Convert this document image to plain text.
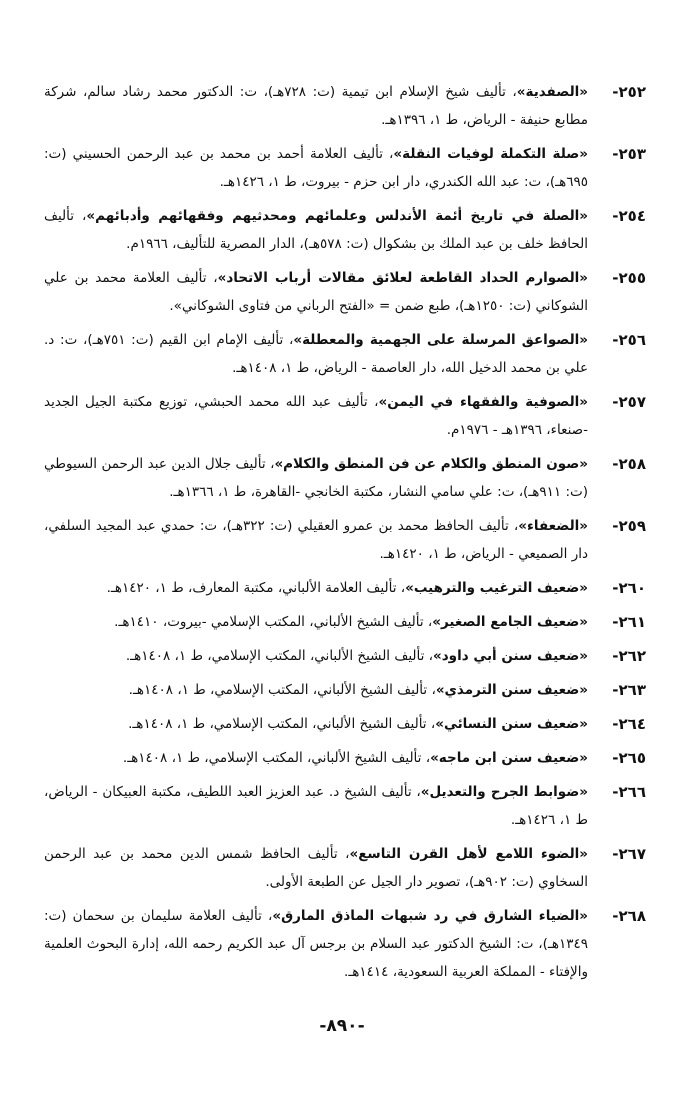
٢٥٢-
«الصفدية»، تأليف شيخ الإسلام ابن تيمية (ت: ٧٢٨هـ)، ت: الدكتور محمد رشاد سالم، شركة مطابع حنيفة - الرياض، ط ١، ١٣٩٦هـ.
٢٥٣-
«صلة التكملة لوفيات النقلة»، تأليف العلامة أحمد بن محمد بن عبد الرحمن الحسيني (ت: ٦٩٥هـ)، ت: عبد الله الكندري، دار ابن حزم - بيروت، ط ١، ١٤٢٦هـ.
٢٥٤-
«الصلة في تاريخ أئمة الأندلس وعلمائهم ومحدثيهم وفقهائهم وأدبائهم»، تأليف الحافظ خلف بن عبد الملك بن بشكوال (ت: ٥٧٨هـ)، الدار المصرية للتأليف، ١٩٦٦م.
٢٥٥-
«الصوارم الحداد القاطعة لعلائق مقالات أرباب الاتحاد»، تأليف العلامة محمد بن علي الشوكاني (ت: ١٢٥٠هـ)، طبع ضمن = «الفتح الرباني من فتاوى الشوكاني».
٢٥٦-
«الصواعق المرسلة على الجهمية والمعطلة»، تأليف الإمام ابن القيم (ت: ٧٥١هـ)، ت: د. علي بن محمد الدخيل الله، دار العاصمة - الرياض، ط ١، ١٤٠٨هـ.
٢٥٧-
«الصوفية والفقهاء في اليمن»، تأليف عبد الله محمد الحبشي، توزيع مكتبة الجيل الجديد -صنعاء، ١٣٩٦هـ - ١٩٧٦م.
٢٥٨-
«صون المنطق والكلام عن فن المنطق والكلام»، تأليف جلال الدين عبد الرحمن السيوطي (ت: ٩١١هـ)، ت: علي سامي النشار، مكتبة الخانجي -القاهرة، ط ١، ١٣٦٦هـ.
٢٥٩-
«الضعفاء»، تأليف الحافظ محمد بن عمرو العقيلي (ت: ٣٢٢هـ)، ت: حمدي عبد المجيد السلفي، دار الصميعي - الرياض، ط ١، ١٤٢٠هـ.
٢٦٠-
«ضعيف الترغيب والترهيب»، تأليف العلامة الألباني، مكتبة المعارف، ط ١، ١٤٢٠هـ.
٢٦١-
«ضعيف الجامع الصغير»، تأليف الشيخ الألباني، المكتب الإسلامي -بيروت، ١٤١٠هـ.
٢٦٢-
«ضعيف سنن أبي داود»، تأليف الشيخ الألباني، المكتب الإسلامي، ط ١، ١٤٠٨هـ.
٢٦٣-
«ضعيف سنن الترمذي»، تأليف الشيخ الألباني، المكتب الإسلامي، ط ١، ١٤٠٨هـ.
٢٦٤-
«ضعيف سنن النسائي»، تأليف الشيخ الألباني، المكتب الإسلامي، ط ١، ١٤٠٨هـ.
٢٦٥-
«ضعيف سنن ابن ماجه»، تأليف الشيخ الألباني، المكتب الإسلامي، ط ١، ١٤٠٨هـ.
٢٦٦-
«ضوابط الجرح والتعديل»، تأليف الشيخ د. عبد العزيز العبد اللطيف، مكتبة العبيكان - الرياض، ط ١، ١٤٢٦هـ.
٢٦٧-
«الضوء اللامع لأهل القرن التاسع»، تأليف الحافظ شمس الدين محمد بن عبد الرحمن السخاوي (ت: ٩٠٢هـ)، تصوير دار الجيل عن الطبعة الأولى.
٢٦٨-
«الضياء الشارق في رد شبهات الماذق المارق»، تأليف العلامة سليمان بن سحمان (ت: ١٣٤٩هـ)، ت: الشيخ الدكتور عبد السلام بن برجس آل عبد الكريم رحمه الله، إدارة البحوث العلمية والإفتاء - المملكة العربية السعودية، ١٤١٤هـ.
-٨٩٠-
